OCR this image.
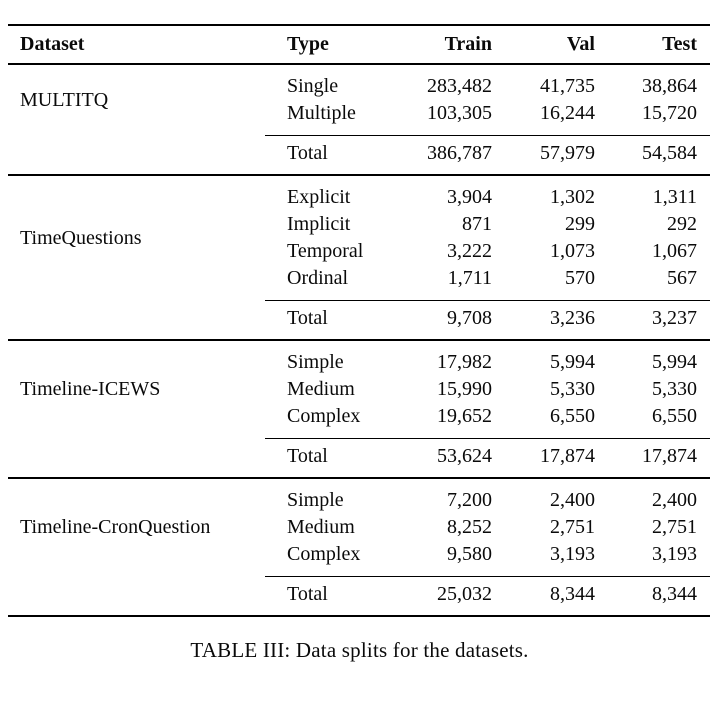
Dataset	Type	Train	Val	Test
MULTITQ
Single	283,482	41,735	38,864
Multiple	103,305	16,244	15,720
Total	386,787	57,979	54,584
TimeQuestions
Explicit	3,904	1,302	1,311
Implicit	871	299	292
Temporal	3,222	1,073	1,067
Ordinal	1,711	570	567
Total	9,708	3,236	3,237
Timeline-ICEWS
Simple	17,982	5,994	5,994
Medium	15,990	5,330	5,330
Complex	19,652	6,550	6,550
Total	53,624	17,874	17,874
Timeline-CronQuestion
Simple	7,200	2,400	2,400
Medium	8,252	2,751	2,751
Complex	9,580	3,193	3,193
Total	25,032	8,344	8,344
TABLE III: Data splits for the datasets.
